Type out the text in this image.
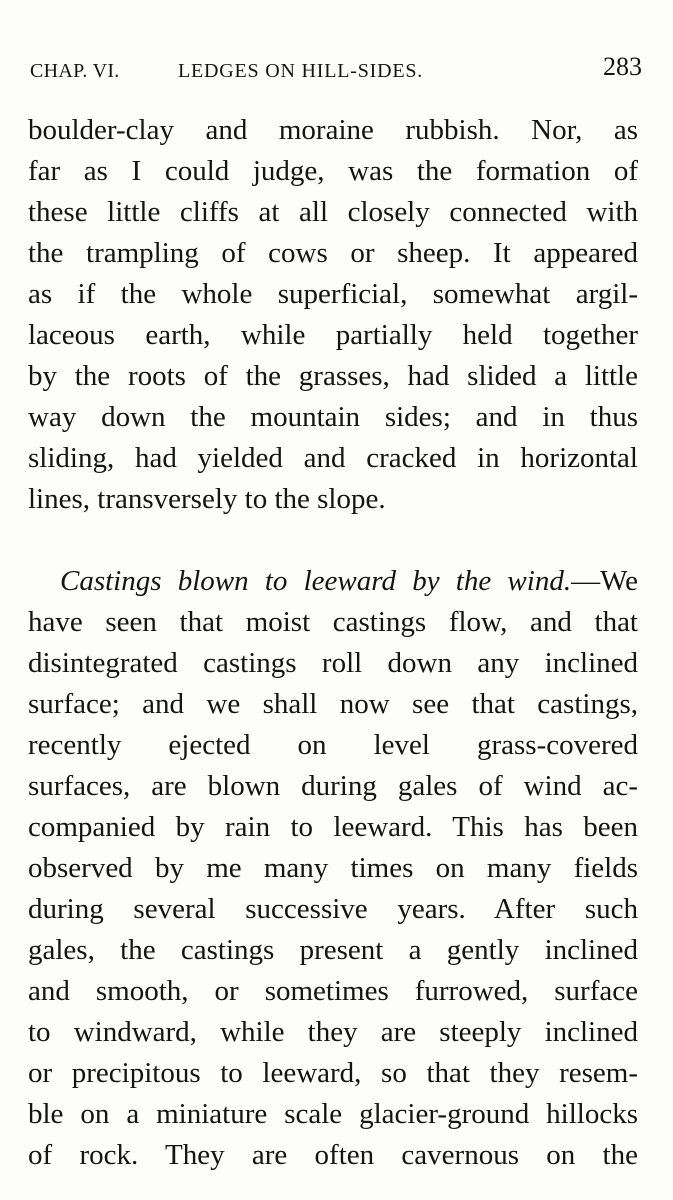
CHAP. VI.	LEDGES ON HILL-SIDES.	283
boulder-clay and moraine rubbish. Nor, as
far as I could judge, was the formation of
these little cliffs at all closely connected with
the trampling of cows or sheep. It appeared
as if the whole superficial, somewhat argil-
laceous earth, while partially held together
by the roots of the grasses, had slided a little
way down the mountain sides; and in thus
sliding, had yielded and cracked in horizontal
lines, transversely to the slope.
Castings blown to leeward by the wind.—We
have seen that moist castings flow, and that
disintegrated castings roll down any inclined
surface; and we shall now see that castings,
recently ejected on level grass-covered
surfaces, are blown during gales of wind ac-
companied by rain to leeward. This has been
observed by me many times on many fields
during several successive years. After such
gales, the castings present a gently inclined
and smooth, or sometimes furrowed, surface
to windward, while they are steeply inclined
or precipitous to leeward, so that they resem-
ble on a miniature scale glacier-ground hillocks
of rock. They are often cavernous on the
